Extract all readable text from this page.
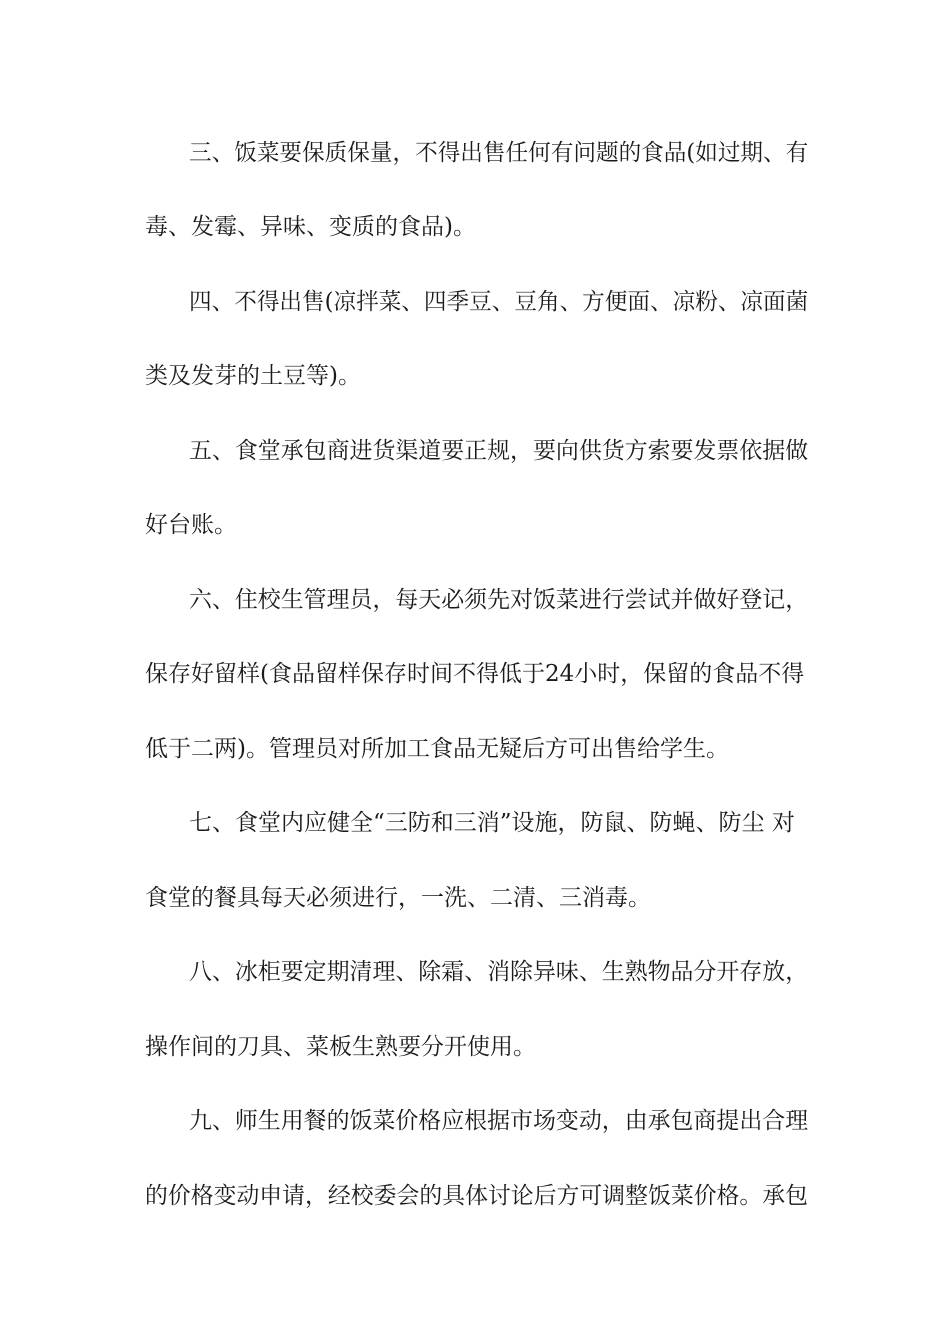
三、饭菜要保质保量，不得出售任何有问题的食品(如过期、有
毒、发霉、异味、变质的食品)。
四、不得出售(凉拌菜、四季豆、豆角、方便面、凉粉、凉面菌
类及发芽的土豆等)。
五、食堂承包商进货渠道要正规，要向供货方索要发票依据做
好台账。
六、住校生管理员，每天必须先对饭菜进行尝试并做好登记，
保存好留样(食品留样保存时间不得低于24小时，保留的食品不得
低于二两)。管理员对所加工食品无疑后方可出售给学生。
七、食堂内应健全“三防和三消”设施，防鼠、防蝇、防尘 对
食堂的餐具每天必须进行，一洗、二清、三消毒。
八、冰柜要定期清理、除霜、消除异味、生熟物品分开存放，
操作间的刀具、菜板生熟要分开使用。
九、师生用餐的饭菜价格应根据市场变动，由承包商提出合理
的价格变动申请，经校委会的具体讨论后方可调整饭菜价格。承包
